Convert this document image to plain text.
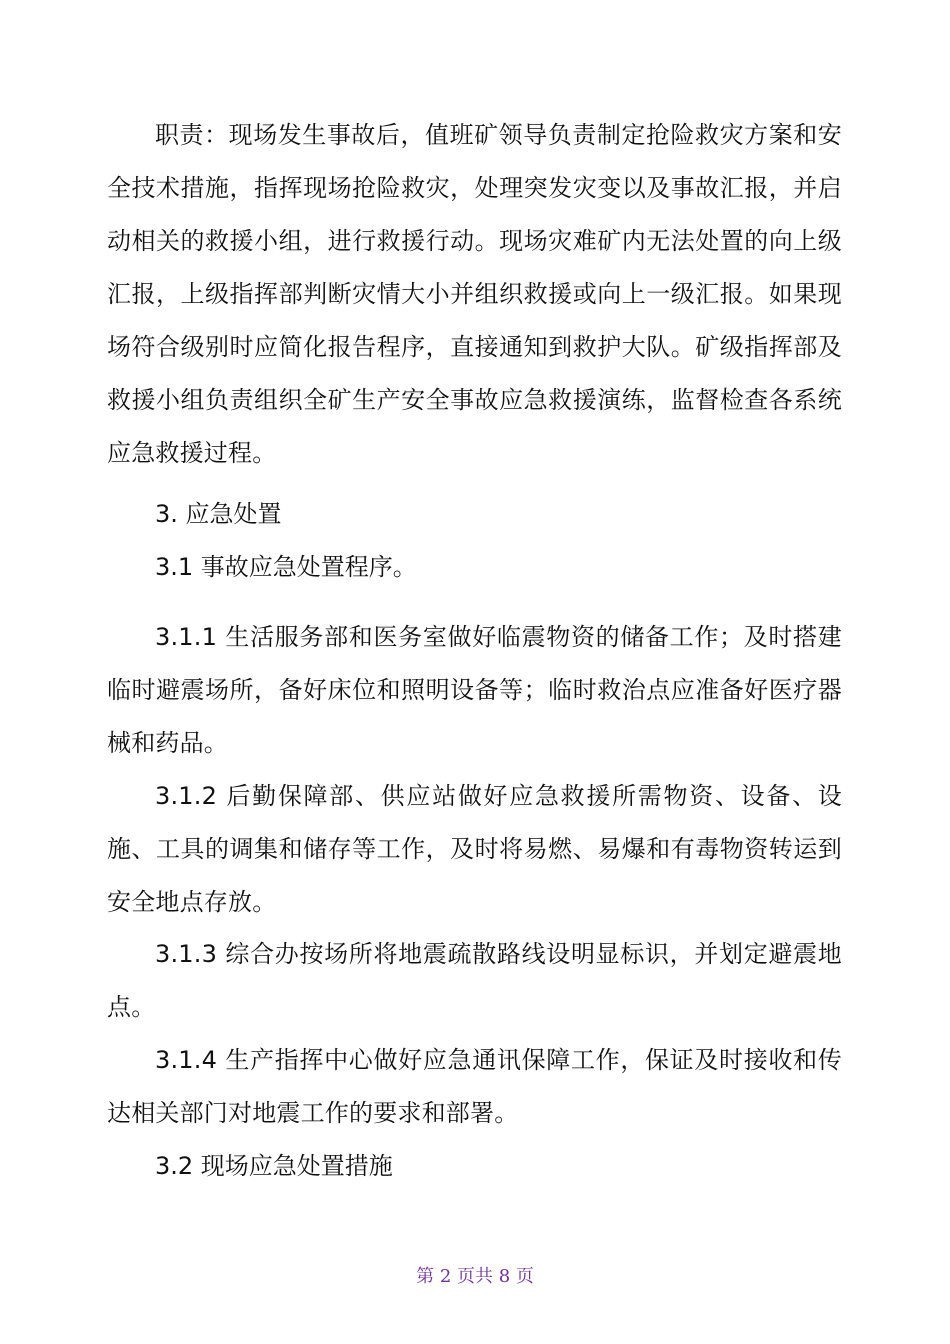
职责：现场发生事故后，值班矿领导负责制定抢险救灾方案和安全技术措施，指挥现场抢险救灾，处理突发灾变以及事故汇报，并启动相关的救援小组，进行救援行动。现场灾难矿内无法处置的向上级汇报，上级指挥部判断灾情大小并组织救援或向上一级汇报。如果现场符合级别时应简化报告程序，直接通知到救护大队。矿级指挥部及救援小组负责组织全矿生产安全事故应急救援演练，监督检查各系统应急救援过程。

3. 应急处置

3.1 事故应急处置程序。

3.1.1 生活服务部和医务室做好临震物资的储备工作；及时搭建临时避震场所，备好床位和照明设备等；临时救治点应准备好医疗器械和药品。

3.1.2 后勤保障部、供应站做好应急救援所需物资、设备、设施、工具的调集和储存等工作，及时将易燃、易爆和有毒物资转运到安全地点存放。

3.1.3 综合办按场所将地震疏散路线设明显标识，并划定避震地点。

3.1.4 生产指挥中心做好应急通讯保障工作，保证及时接收和传达相关部门对地震工作的要求和部署。

3.2 现场应急处置措施

第 2 页共 8 页
